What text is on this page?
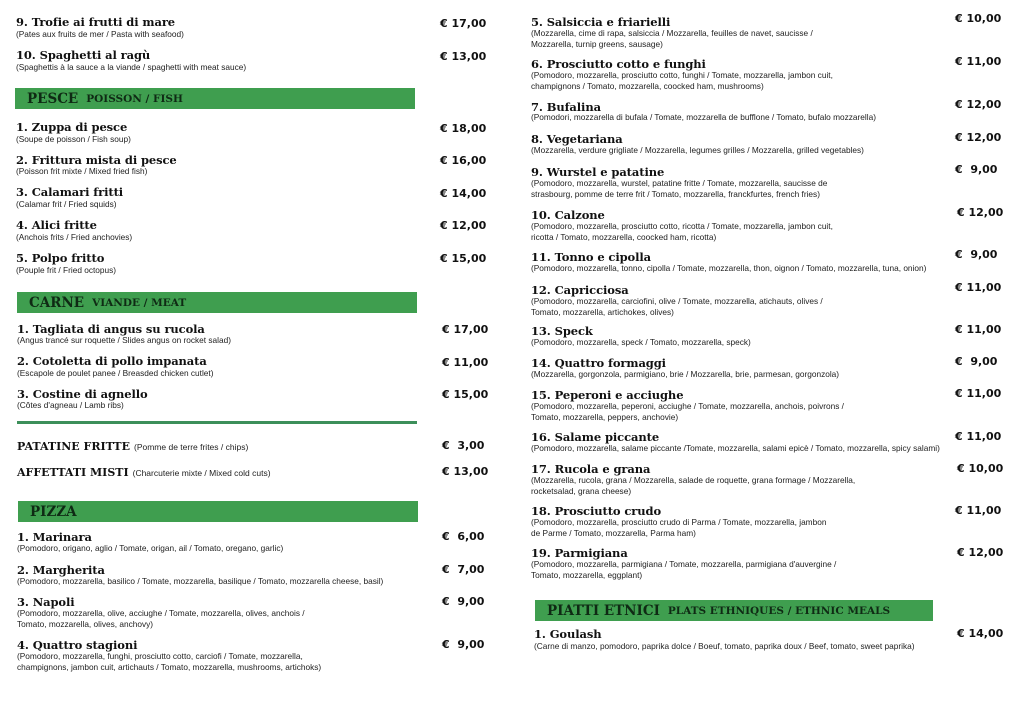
9. Trofie ai frutti di mare
(Pates aux fruits de mer / Pasta with seafood)
€ 17,00
10. Spaghetti al ragù
(Spaghettis à la sauce a la viande / spaghetti with meat sauce)
€ 13,00
PESCE POISSON / FISH
1. Zuppa di pesce
(Soupe de poisson / Fish soup)
€ 18,00
2. Frittura mista di pesce
(Poisson frit mixte / Mixed fried fish)
€ 16,00
3. Calamari fritti
(Calamar frit / Fried squids)
€ 14,00
4. Alici fritte
(Anchois frits / Fried anchovies)
€ 12,00
5. Polpo fritto
(Pouple frit / Fried octopus)
€ 15,00
CARNE VIANDE / MEAT
1. Tagliata di angus su rucola
(Angus trancé sur roquette / Slides angus on rocket salad)
€ 17,00
2. Cotoletta di pollo impanata
(Escapole de poulet panee / Breasded chicken cutlet)
€ 11,00
3. Costine di agnello
(Côtes d'agneau / Lamb ribs)
€ 15,00
PATATINE FRITTE (Pomme de terre frites / chips)	€  3,00
AFFETTATI MISTI (Charcuterie mixte / Mixed cold cuts)	€ 13,00
PIZZA
1. Marinara
(Pomodoro, origano, aglio / Tomate, origan, ail / Tomato, oregano, garlic)
€  6,00
2. Margherita
(Pomodoro, mozzarella, basilico / Tomate, mozzarella, basilique / Tomato, mozzarella cheese, basil)
€  7,00
3. Napoli
(Pomodoro, mozzarella, olive, acciughe / Tomate, mozzarella, olives, anchois /
Tomato, mozzarella, olives, anchovy)
€  9,00
4. Quattro stagioni
(Pomodoro, mozzarella, funghi, prosciutto cotto, carciofi / Tomate, mozzarella,
champignons, jambon cuit, artichauts / Tomato, mozzarella, mushrooms, artichoks)
€  9,00
5. Salsiccia e friarielli
(Mozzarella, cime di rapa, salsiccia / Mozzarella, feuilles de navet, saucisse /
Mozzarella, turnip greens, sausage)
€ 10,00
6. Prosciutto cotto e funghi
(Pomodoro, mozzarella, prosciutto cotto, funghi / Tomate, mozzarella, jambon cuit,
champignons / Tomato, mozzarella, coocked ham, mushrooms)
€ 11,00
7. Bufalina
(Pomodori, mozzarella di bufala / Tomate, mozzarella de bufflone / Tomato, bufalo mozzarella)
€ 12,00
8. Vegetariana
(Mozzarella, verdure grigliate / Mozzarella, legumes grilles / Mozzarella, grilled vegetables)
€ 12,00
9. Wurstel e patatine
(Pomodoro, mozzarella, wurstel, patatine fritte / Tomate, mozzarella, saucisse de
strasbourg, pomme de terre frit / Tomato, mozzarella, franckfurtes, french fries)
€  9,00
10. Calzone
(Pomodoro, mozzarella, prosciutto cotto, ricotta / Tomate, mozzarella, jambon cuit,
ricotta / Tomato, mozzarella, coocked ham, ricotta)
€ 12,00
11. Tonno e cipolla
(Pomodoro, mozzarella, tonno, cipolla / Tomate, mozzarella, thon, oignon / Tomato, mozzarella, tuna, onion)
€  9,00
12. Capricciosa
(Pomodoro, mozzarella, carciofini, olive / Tomate, mozzarella, atichauts, olives /
Tomato, mozzarella, artichokes, olives)
€ 11,00
13. Speck
(Pomodoro, mozzarella, speck / Tomato, mozzarella, speck)
€ 11,00
14. Quattro formaggi
(Mozzarella, gorgonzola, parmigiano, brie / Mozzarella, brie, parmesan, gorgonzola)
€  9,00
15. Peperoni e acciughe
(Pomodoro, mozzarella, peperoni, acciughe / Tomate, mozzarella, anchois, poivrons /
Tomato, mozzarella, peppers, anchovie)
€ 11,00
16. Salame piccante
(Pomodoro, mozzarella, salame piccante /Tomate, mozzarella, salami epicè / Tomato, mozzarella, spicy salami)
€ 11,00
17. Rucola e grana
(Mozzarella, rucola, grana / Mozzarella, salade de roquette, grana formage / Mozzarella,
rocketsalad, grana cheese)
€ 10,00
18. Prosciutto crudo
(Pomodoro, mozzarella, prosciutto crudo di Parma / Tomate, mozzarella, jambon
de Parme / Tomato, mozzarella, Parma ham)
€ 11,00
19. Parmigiana
(Pomodoro, mozzarella, parmigiana / Tomate, mozzarella, parmigiana d'auvergine /
Tomato, mozzarella, eggplant)
€ 12,00
PIATTI ETNICI PLATS ETHNIQUES / ETHNIC MEALS
1. Goulash
(Carne di manzo, pomodoro, paprika dolce / Boeuf, tomato, paprika doux / Beef, tomato, sweet paprika)
€ 14,00
